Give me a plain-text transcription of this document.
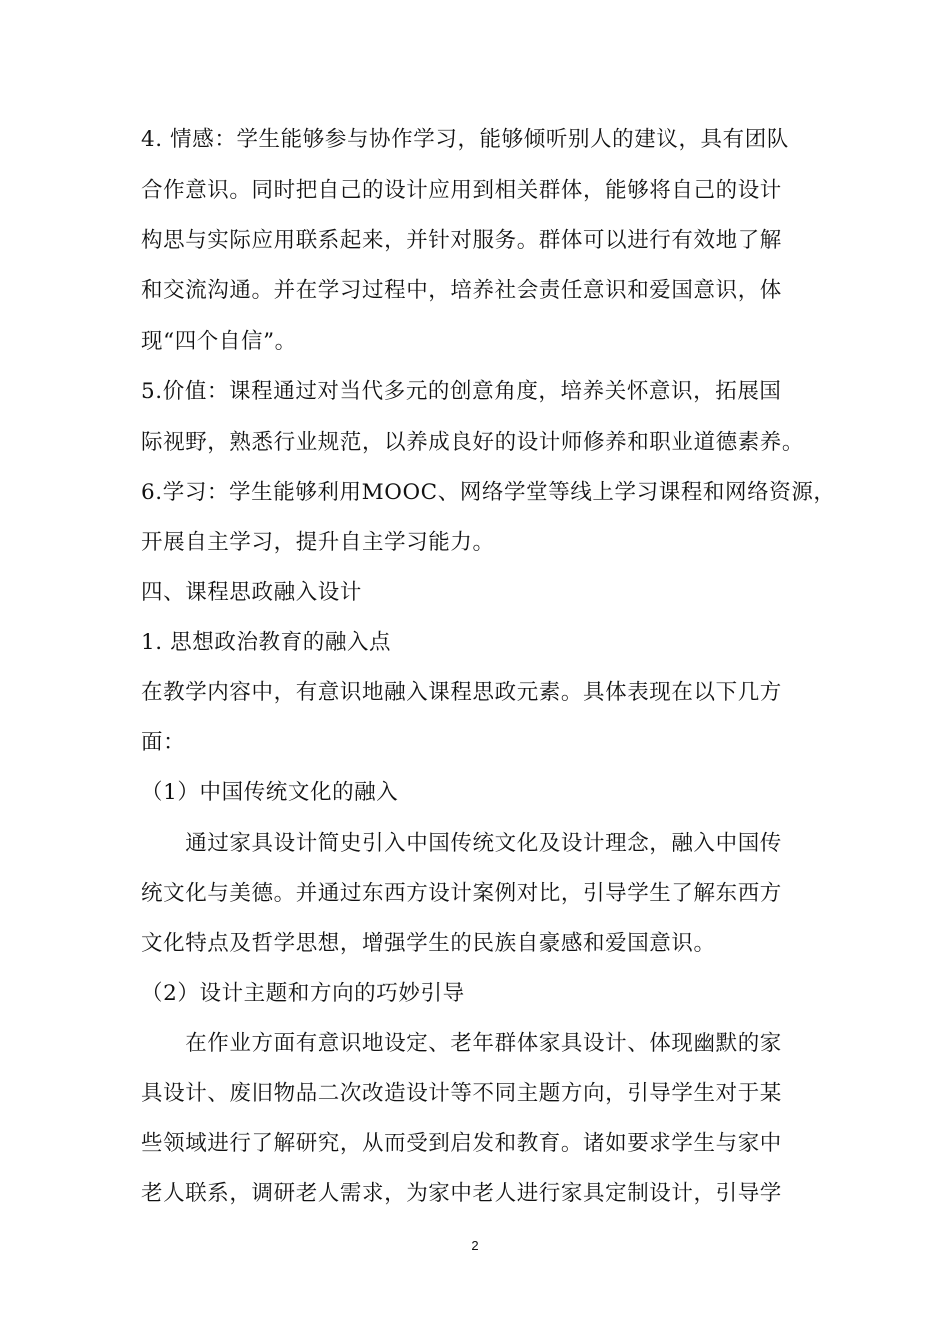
4. 情感：学生能够参与协作学习，能够倾听别人的建议，具有团队
合作意识。同时把自己的设计应用到相关群体，能够将自己的设计
构思与实际应用联系起来，并针对服务。群体可以进行有效地了解
和交流沟通。并在学习过程中，培养社会责任意识和爱国意识，体
现“四个自信”。
5.价值：课程通过对当代多元的创意角度，培养关怀意识，拓展国
际视野，熟悉行业规范，以养成良好的设计师修养和职业道德素养。
6.学习：学生能够利用MOOC、网络学堂等线上学习课程和网络资源，
开展自主学习，提升自主学习能力。
四、课程思政融入设计
1. 思想政治教育的融入点
在教学内容中，有意识地融入课程思政元素。具体表现在以下几方
面：
（1）中国传统文化的融入
　　通过家具设计简史引入中国传统文化及设计理念，融入中国传
统文化与美德。并通过东西方设计案例对比，引导学生了解东西方
文化特点及哲学思想，增强学生的民族自豪感和爱国意识。
（2）设计主题和方向的巧妙引导
　　在作业方面有意识地设定、老年群体家具设计、体现幽默的家
具设计、废旧物品二次改造设计等不同主题方向，引导学生对于某
些领域进行了解研究，从而受到启发和教育。诸如要求学生与家中
老人联系，调研老人需求，为家中老人进行家具定制设计，引导学
2
